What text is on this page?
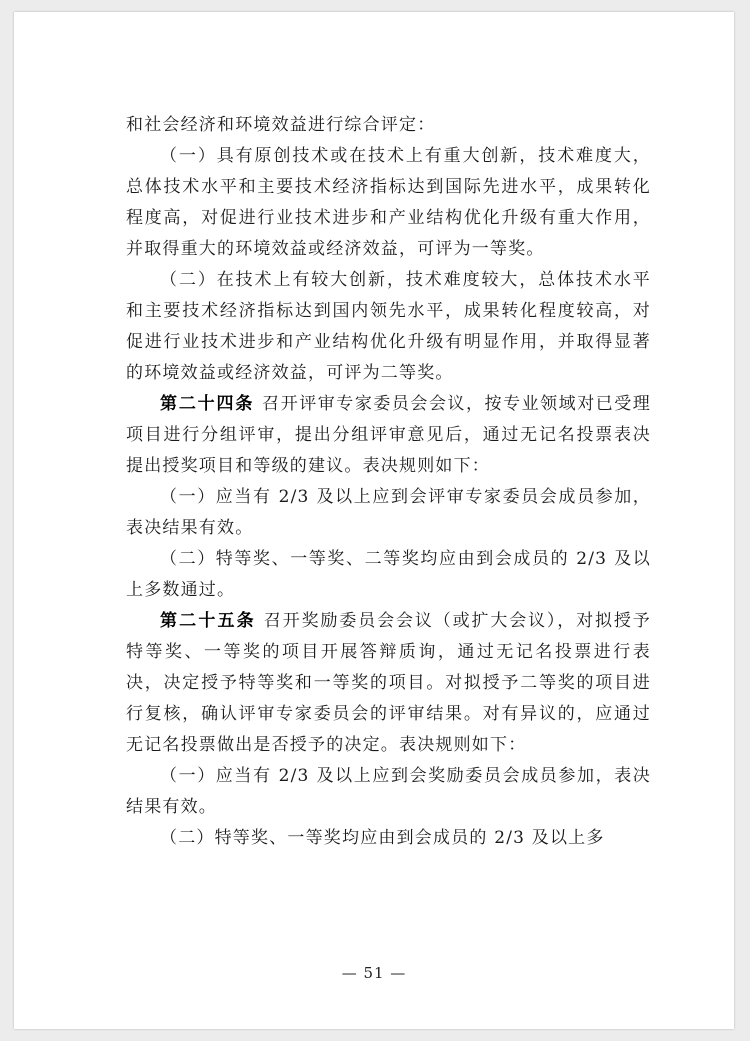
和社会经济和环境效益进行综合评定：

（一）具有原创技术或在技术上有重大创新，技术难度大，总体技术水平和主要技术经济指标达到国际先进水平，成果转化程度高，对促进行业技术进步和产业结构优化升级有重大作用，并取得重大的环境效益或经济效益，可评为一等奖。

（二）在技术上有较大创新，技术难度较大，总体技术水平和主要技术经济指标达到国内领先水平，成果转化程度较高，对促进行业技术进步和产业结构优化升级有明显作用，并取得显著的环境效益或经济效益，可评为二等奖。

第二十四条 召开评审专家委员会会议，按专业领域对已受理项目进行分组评审，提出分组评审意见后，通过无记名投票表决提出授奖项目和等级的建议。表决规则如下：

（一）应当有 2/3 及以上应到会评审专家委员会成员参加，表决结果有效。

（二）特等奖、一等奖、二等奖均应由到会成员的 2/3 及以上多数通过。

第二十五条 召开奖励委员会会议（或扩大会议），对拟授予特等奖、一等奖的项目开展答辩质询，通过无记名投票进行表决，决定授予特等奖和一等奖的项目。对拟授予二等奖的项目进行复核，确认评审专家委员会的评审结果。对有异议的，应通过无记名投票做出是否授予的决定。表决规则如下：

（一）应当有 2/3 及以上应到会奖励委员会成员参加，表决结果有效。

（二）特等奖、一等奖均应由到会成员的 2/3 及以上多

— 51 —
